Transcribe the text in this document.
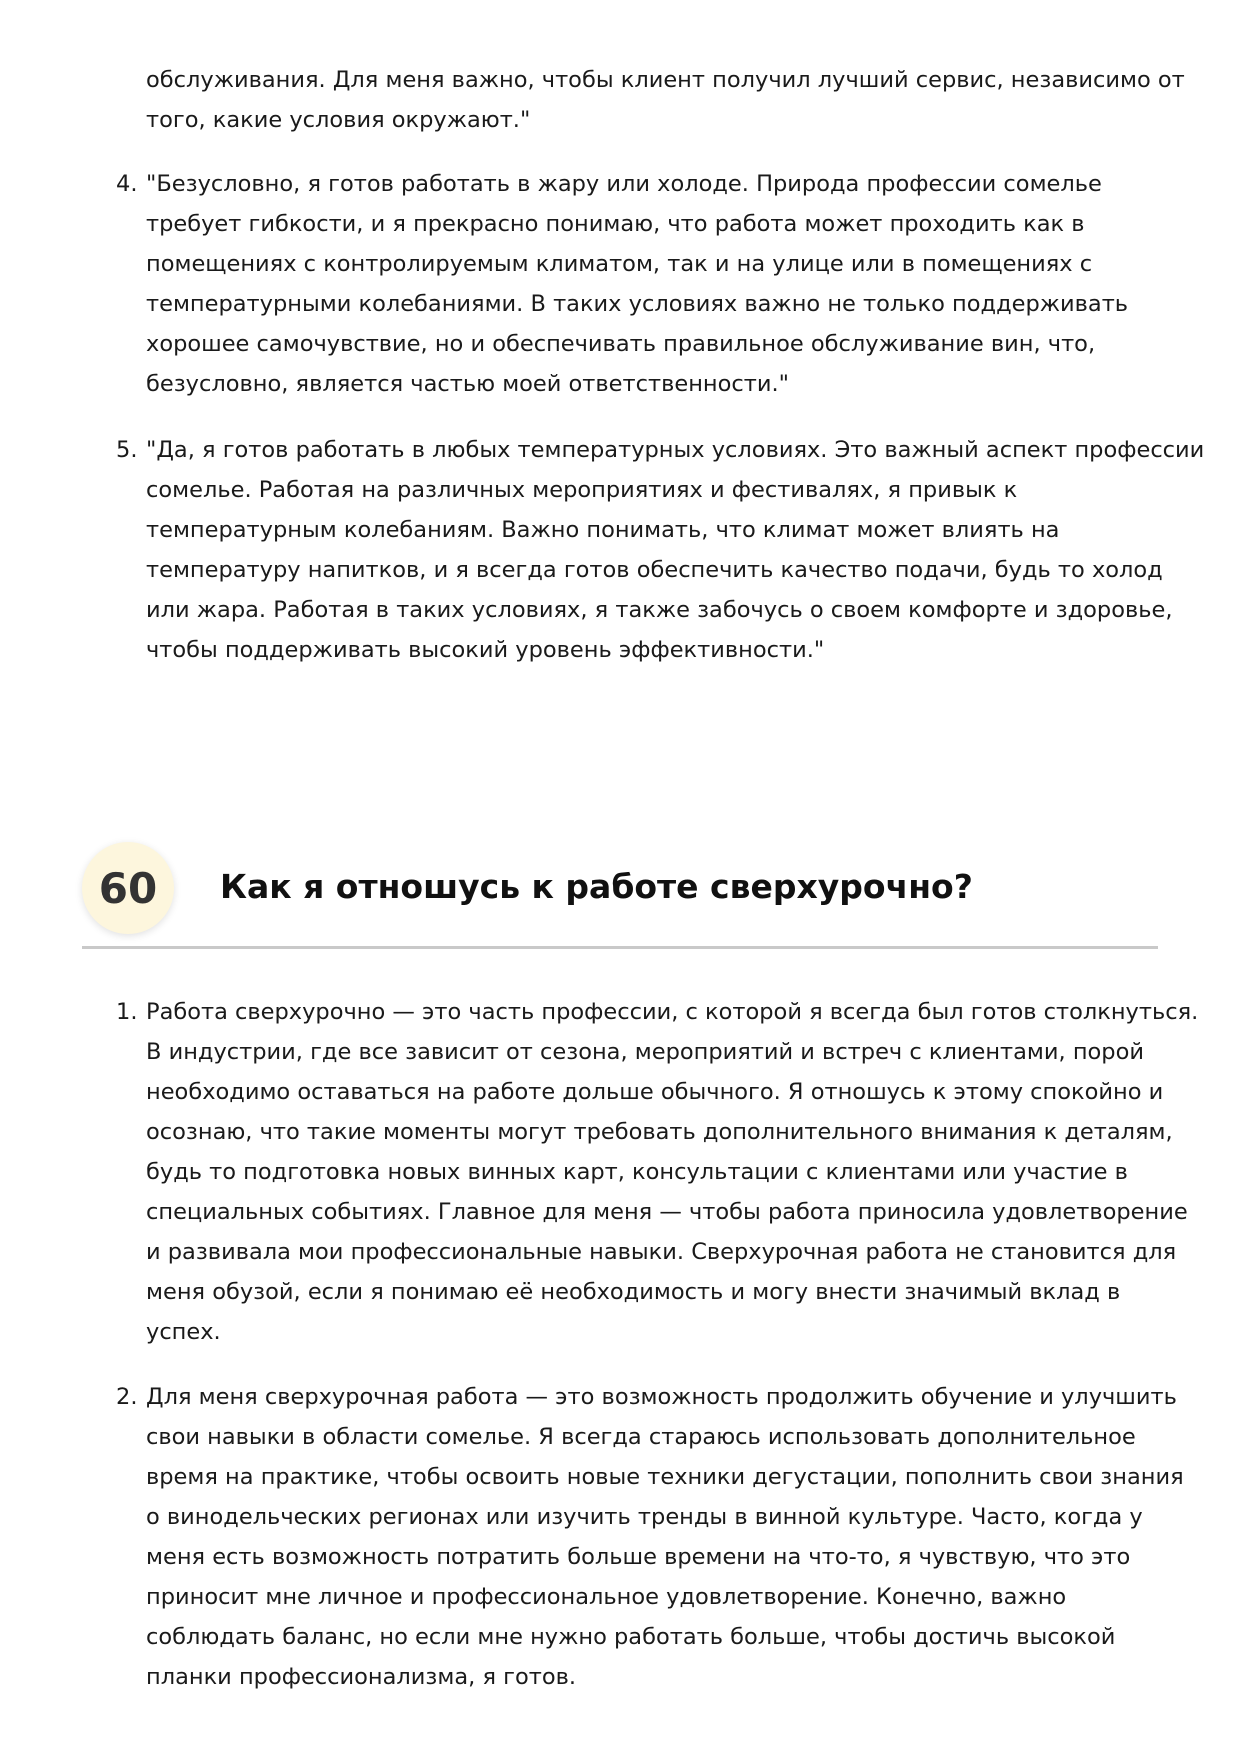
обслуживания. Для меня важно, чтобы клиент получил лучший сервис, независимо от
того, какие условия окружают."
4. "Безусловно, я готов работать в жару или холоде. Природа профессии сомелье
требует гибкости, и я прекрасно понимаю, что работа может проходить как в
помещениях с контролируемым климатом, так и на улице или в помещениях с
температурными колебаниями. В таких условиях важно не только поддерживать
хорошее самочувствие, но и обеспечивать правильное обслуживание вин, что,
безусловно, является частью моей ответственности."
5. "Да, я готов работать в любых температурных условиях. Это важный аспект профессии
сомелье. Работая на различных мероприятиях и фестивалях, я привык к
температурным колебаниям. Важно понимать, что климат может влиять на
температуру напитков, и я всегда готов обеспечить качество подачи, будь то холод
или жара. Работая в таких условиях, я также забочусь о своем комфорте и здоровье,
чтобы поддерживать высокий уровень эффективности."
60	Как я отношусь к работе сверхурочно?
1. Работа сверхурочно — это часть профессии, с которой я всегда был готов столкнуться.
В индустрии, где все зависит от сезона, мероприятий и встреч с клиентами, порой
необходимо оставаться на работе дольше обычного. Я отношусь к этому спокойно и
осознаю, что такие моменты могут требовать дополнительного внимания к деталям,
будь то подготовка новых винных карт, консультации с клиентами или участие в
специальных событиях. Главное для меня — чтобы работа приносила удовлетворение
и развивала мои профессиональные навыки. Сверхурочная работа не становится для
меня обузой, если я понимаю её необходимость и могу внести значимый вклад в
успех.
2. Для меня сверхурочная работа — это возможность продолжить обучение и улучшить
свои навыки в области сомелье. Я всегда стараюсь использовать дополнительное
время на практике, чтобы освоить новые техники дегустации, пополнить свои знания
о винодельческих регионах или изучить тренды в винной культуре. Часто, когда у
меня есть возможность потратить больше времени на что-то, я чувствую, что это
приносит мне личное и профессиональное удовлетворение. Конечно, важно
соблюдать баланс, но если мне нужно работать больше, чтобы достичь высокой
планки профессионализма, я готов.
